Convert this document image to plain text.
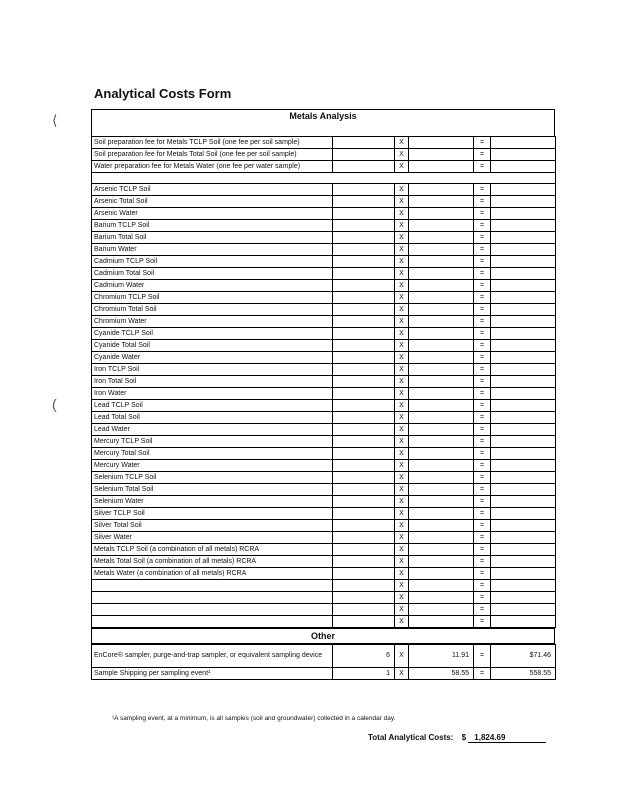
Analytical Costs Form
⟨
(
Metals Analysis
Soil preparation fee for Metals TCLP Soil (one fee per soil sample)		X		=	
Soil preparation fee for Metals Total Soil (one fee per soil sample)		X		=	
Water preparation fee for Metals Water (one fee per water sample)		X		=	

Arsenic TCLP Soil		X		=	
Arsenic Total Soil		X		=	
Arsenic Water		X		=	
Barium TCLP Soil		X		=	
Barium Total Soil		X		=	
Barium Water		X		=	
Cadmium TCLP Soil		X		=	
Cadmium Total Soil		X		=	
Cadmium Water		X		=	
Chromium TCLP Soil		X		=	
Chromium Total Soil		X		=	
Chromium Water		X		=	
Cyanide TCLP Soil		X		=	
Cyanide Total Soil		X		=	
Cyanide Water		X		=	
Iron TCLP Soil		X		=	
Iron Total Soil		X		=	
Iron Water		X		=	
Lead TCLP Soil		X		=	
Lead Total Soil		X		=	
Lead Water		X		=	
Mercury TCLP Soil		X		=	
Mercury Total Soil		X		=	
Mercury Water		X		=	
Selenium TCLP Soil		X		=	
Selenium Total Soil		X		=	
Selenium Water		X		=	
Silver TCLP Soil		X		=	
Silver Total Soil		X		=	
Silver Water		X		=	
Metals TCLP Soil (a combination of all metals) RCRA		X		=	
Metals Total Soil (a combination of all metals) RCRA		X		=	
Metals Water (a combination of all metals) RCRA		X		=	
		X		=	
		X		=	
		X		=	
		X		=	
Other
EnCore® sampler, purge-and-trap sampler, or equivalent sampling device	6	X	11.91	=	$71.46
Sample Shipping per sampling event¹	1	X	58.55	=	558.55
¹A sampling event, at a minimum, is all samples (soil and groundwater) collected in a calendar day.
Total Analytical Costs: $ 1,824.69
